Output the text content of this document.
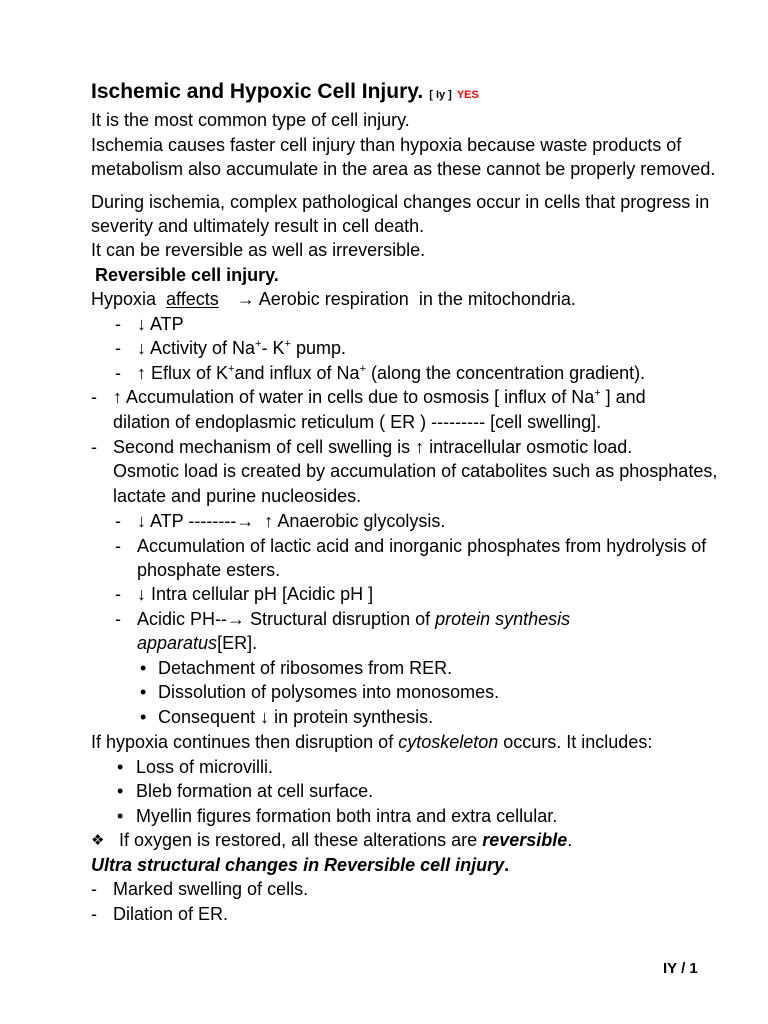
Ischemic and Hypoxic Cell Injury. [ Iy ] YES
It is the most common type of cell injury.
Ischemia causes faster cell injury than hypoxia because waste products of
metabolism also accumulate in the area as these cannot be properly removed.
During ischemia, complex pathological changes occur in cells that progress in
severity and ultimately result in cell death.
It can be reversible as well as irreversible.
Reversible cell injury.
Hypoxia affects → Aerobic respiration  in the mitochondria.
- ↓ ATP
- ↓ Activity of Na + - K + pump.
- ↑ Eflux of K + and influx of Na + (along the concentration gradient).
- ↑ Accumulation of water in cells due to osmosis [ influx of Na + ] and
dilation of endoplasmic reticulum ( ER ) --------- [cell swelling].
- Second mechanism of cell swelling is ↑ intracellular osmotic load.
Osmotic load is created by accumulation of catabolites such as phosphates,
lactate and purine nucleosides.
- ↓ ATP --------→  ↑ Anaerobic glycolysis.
- Accumulation of lactic acid and inorganic phosphates from hydrolysis of
phosphate esters.
- ↓ Intra cellular pH [Acidic pH ]
- Acidic PH--→ Structural disruption of protein synthesis
apparatus [ER].
• Detachment of ribosomes from RER.
• Dissolution of polysomes into monosomes.
• Consequent ↓ in protein synthesis.
If hypoxia continues then disruption of cytoskeleton occurs. It includes:
• Loss of microvilli.
• Bleb formation at cell surface.
• Myellin figures formation both intra and extra cellular.
❖ If oxygen is restored, all these alterations are reversible .
Ultra structural changes in Reversible cell injury .
- Marked swelling of cells.
- Dilation of ER.
IY / 1
